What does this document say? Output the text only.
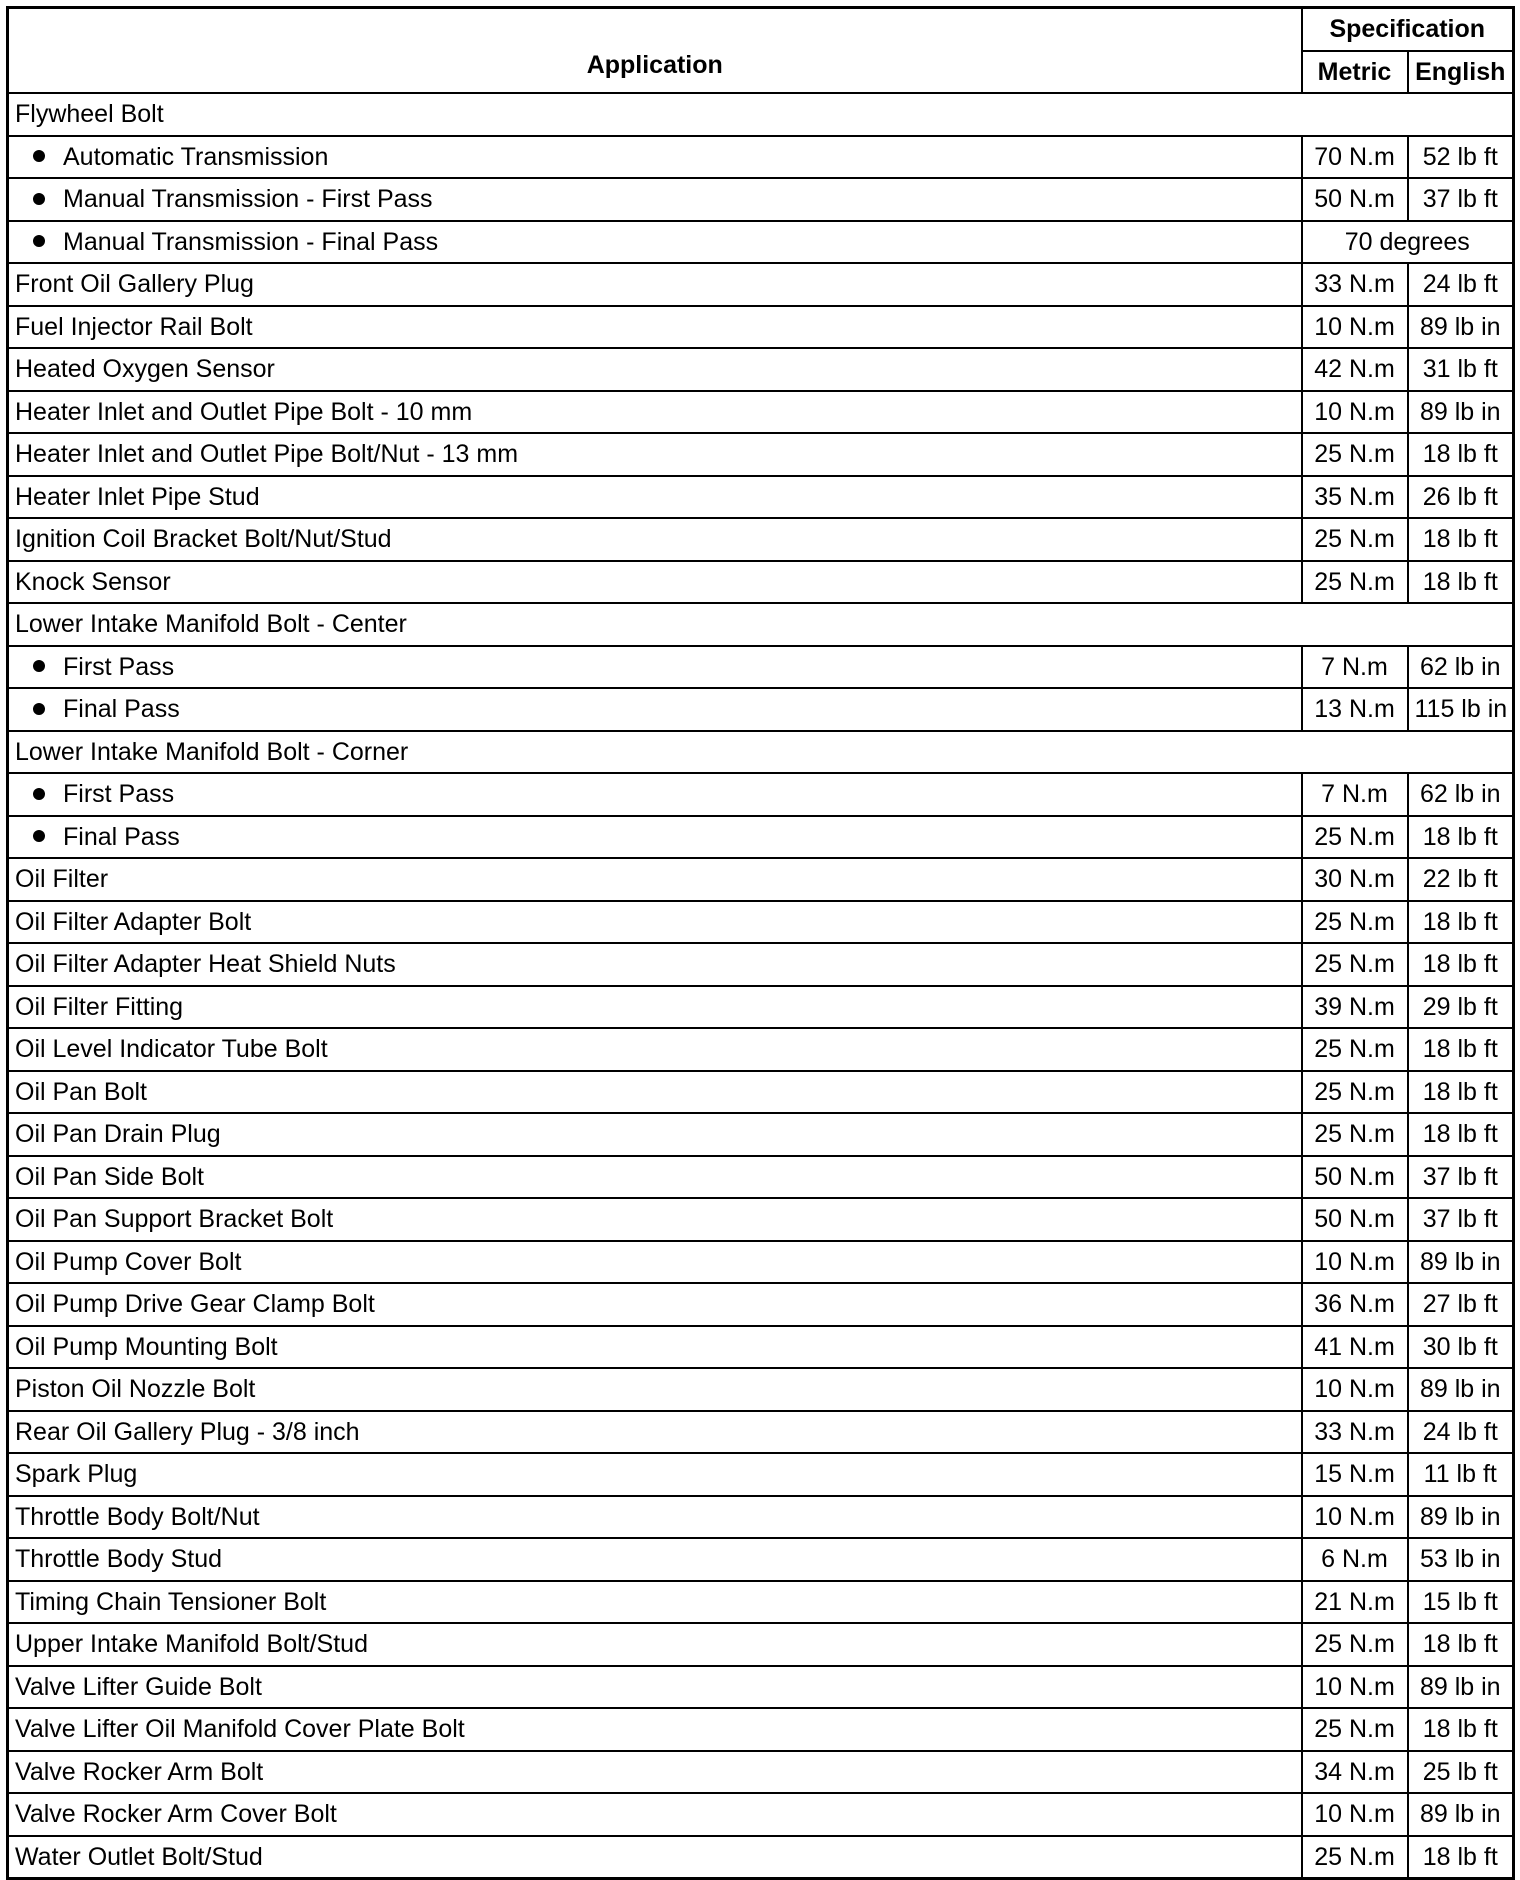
Application	Specification	
	Metric	English
Flywheel Bolt		
Automatic Transmission	70 N.m	52 lb ft
Manual Transmission - First Pass	50 N.m	37 lb ft
Manual Transmission - Final Pass	70 degrees	
Front Oil Gallery Plug	33 N.m	24 lb ft
Fuel Injector Rail Bolt	10 N.m	89 lb in
Heated Oxygen Sensor	42 N.m	31 lb ft
Heater Inlet and Outlet Pipe Bolt - 10 mm	10 N.m	89 lb in
Heater Inlet and Outlet Pipe Bolt/Nut - 13 mm	25 N.m	18 lb ft
Heater Inlet Pipe Stud	35 N.m	26 lb ft
Ignition Coil Bracket Bolt/Nut/Stud	25 N.m	18 lb ft
Knock Sensor	25 N.m	18 lb ft
Lower Intake Manifold Bolt - Center		
First Pass	7 N.m	62 lb in
Final Pass	13 N.m	115 lb in
Lower Intake Manifold Bolt - Corner		
First Pass	7 N.m	62 lb in
Final Pass	25 N.m	18 lb ft
Oil Filter	30 N.m	22 lb ft
Oil Filter Adapter Bolt	25 N.m	18 lb ft
Oil Filter Adapter Heat Shield Nuts	25 N.m	18 lb ft
Oil Filter Fitting	39 N.m	29 lb ft
Oil Level Indicator Tube Bolt	25 N.m	18 lb ft
Oil Pan Bolt	25 N.m	18 lb ft
Oil Pan Drain Plug	25 N.m	18 lb ft
Oil Pan Side Bolt	50 N.m	37 lb ft
Oil Pan Support Bracket Bolt	50 N.m	37 lb ft
Oil Pump Cover Bolt	10 N.m	89 lb in
Oil Pump Drive Gear Clamp Bolt	36 N.m	27 lb ft
Oil Pump Mounting Bolt	41 N.m	30 lb ft
Piston Oil Nozzle Bolt	10 N.m	89 lb in
Rear Oil Gallery Plug - 3/8 inch	33 N.m	24 lb ft
Spark Plug	15 N.m	11 lb ft
Throttle Body Bolt/Nut	10 N.m	89 lb in
Throttle Body Stud	6 N.m	53 lb in
Timing Chain Tensioner Bolt	21 N.m	15 lb ft
Upper Intake Manifold Bolt/Stud	25 N.m	18 lb ft
Valve Lifter Guide Bolt	10 N.m	89 lb in
Valve Lifter Oil Manifold Cover Plate Bolt	25 N.m	18 lb ft
Valve Rocker Arm Bolt	34 N.m	25 lb ft
Valve Rocker Arm Cover Bolt	10 N.m	89 lb in
Water Outlet Bolt/Stud	25 N.m	18 lb ft
